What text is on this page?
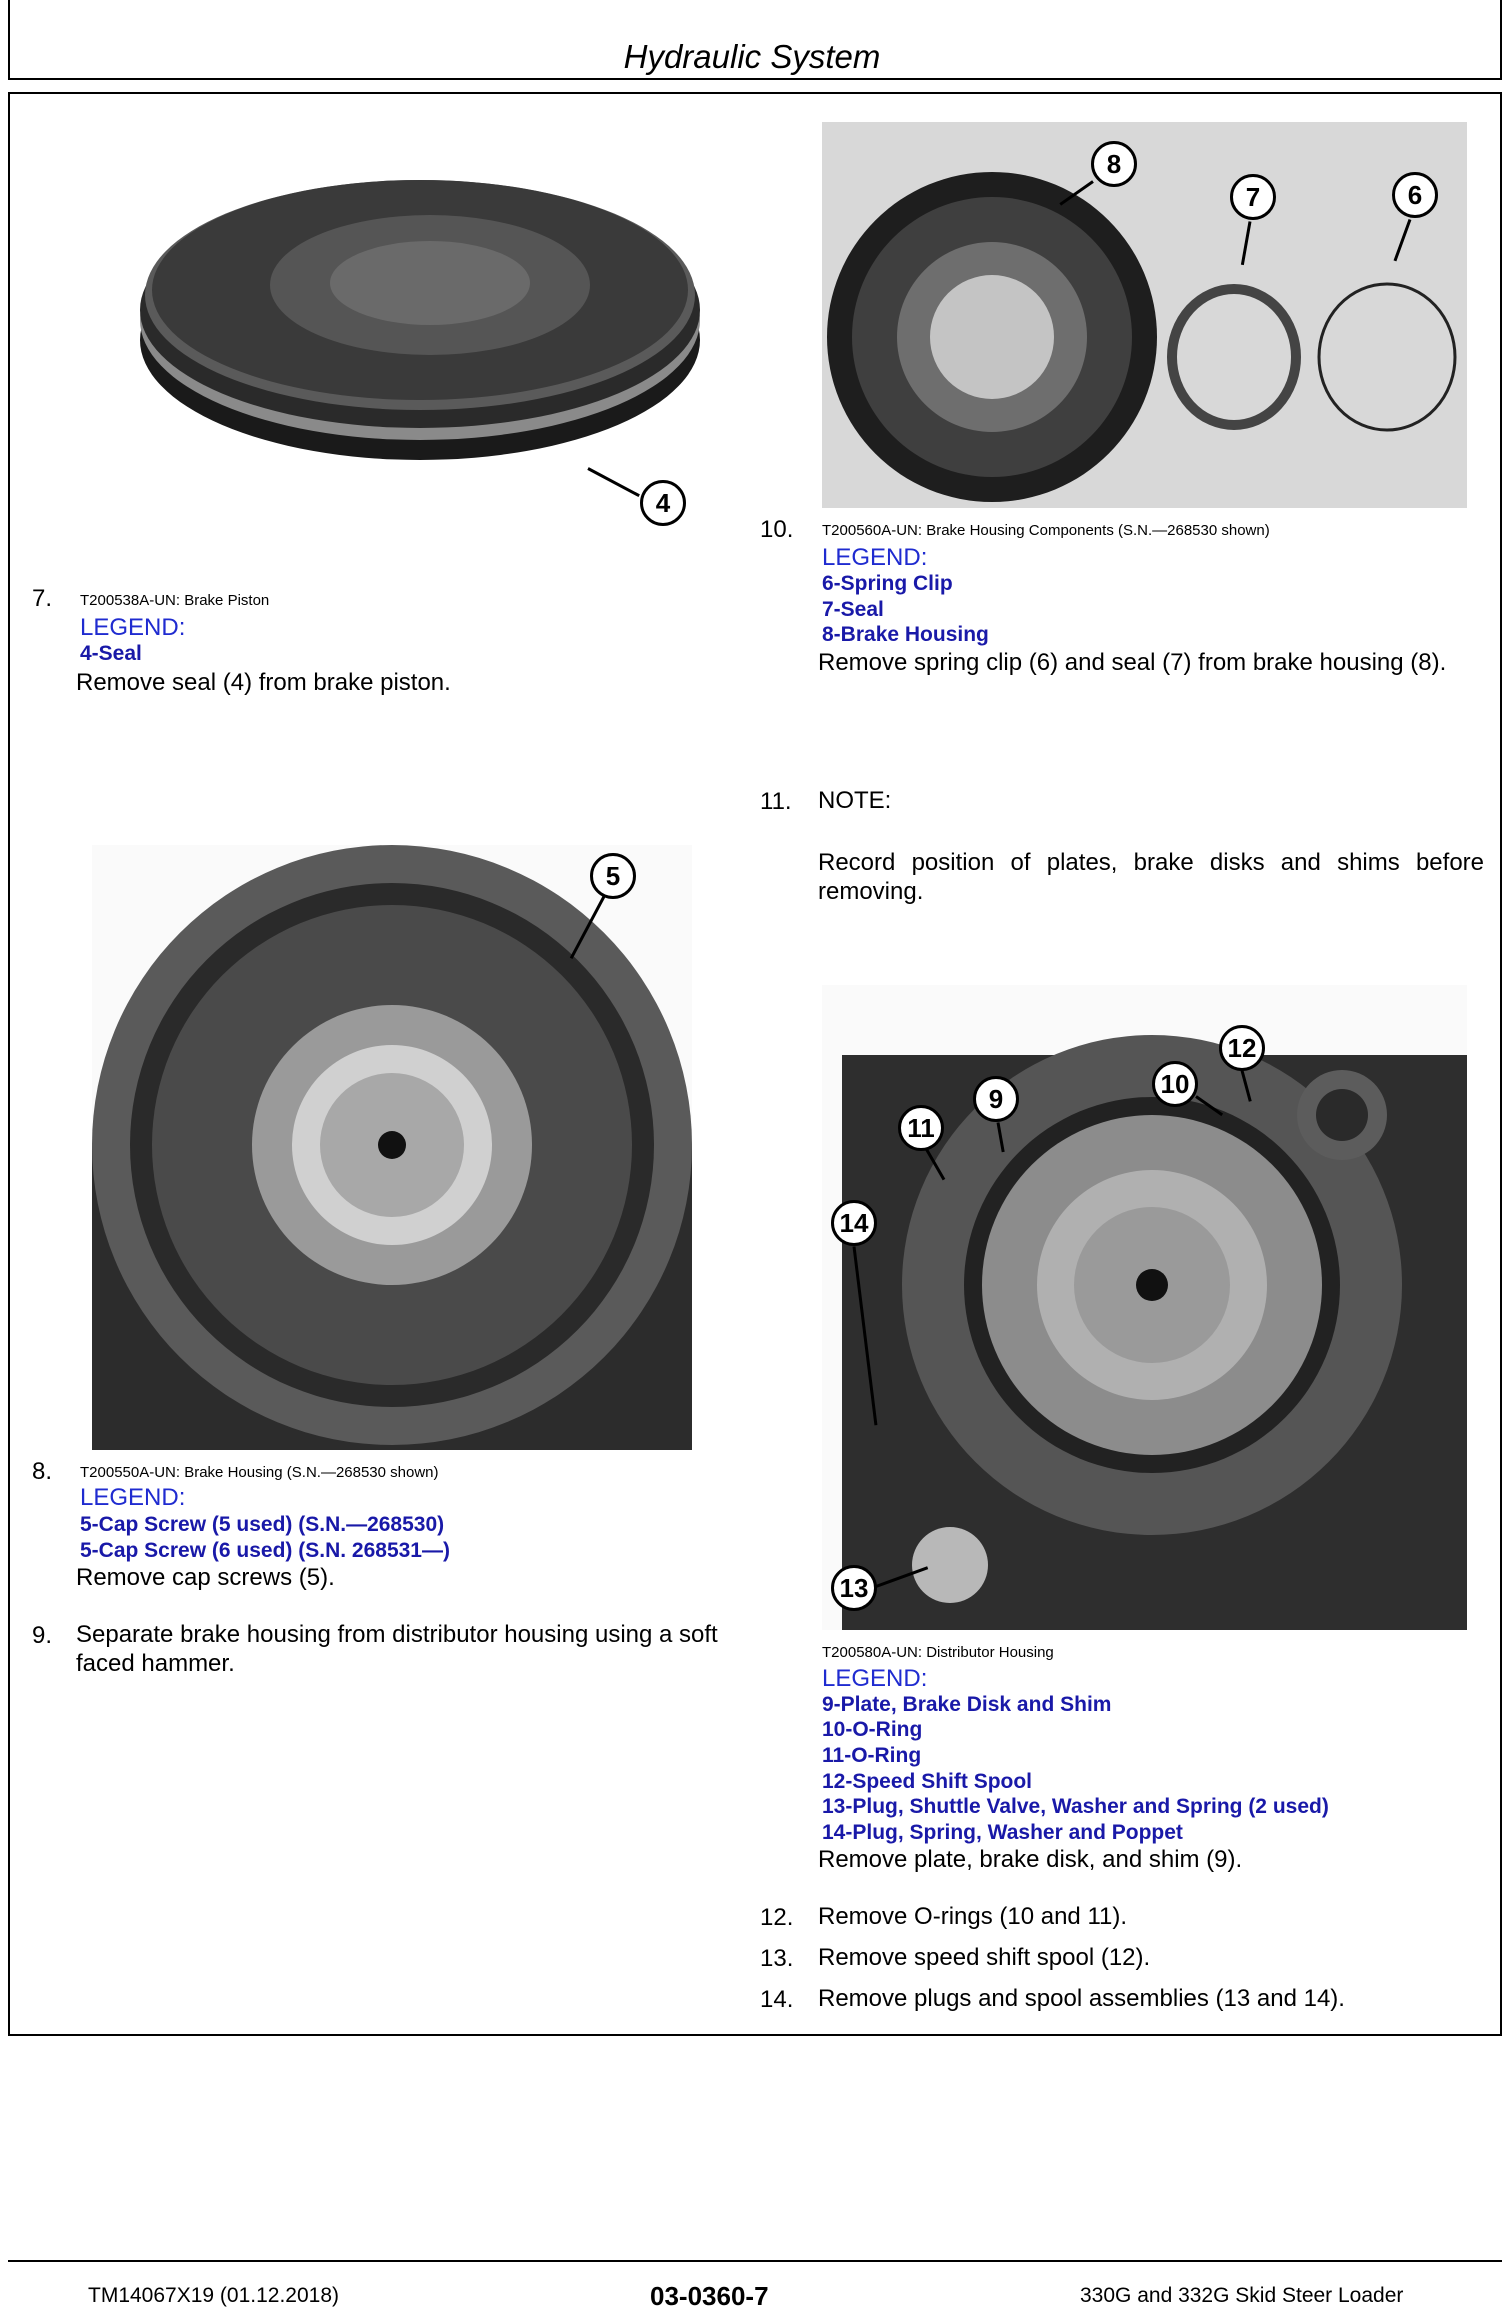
Hydraulic System
4
7. T200538A-UN: Brake Piston
LEGEND:
4-Seal
Remove seal (4) from brake piston.
8
7	6
10. T200560A-UN: Brake Housing Components (S.N.—268530 shown)
LEGEND:
6-Spring Clip
7-Seal
8-Brake Housing
Remove spring clip (6) and seal (7) from brake housing (8).
11. NOTE:
Record position of plates, brake disks and shims before removing.
5
8. T200550A-UN: Brake Housing (S.N.—268530 shown)
LEGEND:
5-Cap Screw (5 used) (S.N.—268530)
5-Cap Screw (6 used) (S.N. 268531—)
Remove cap screws (5).
9. Separate brake housing from distributor housing using a soft faced hammer.
12
10
9
11
14
13
T200580A-UN: Distributor Housing
LEGEND:
9-Plate, Brake Disk and Shim
10-O-Ring
11-O-Ring
12-Speed Shift Spool
13-Plug, Shuttle Valve, Washer and Spring (2 used)
14-Plug, Spring, Washer and Poppet
Remove plate, brake disk, and shim (9).
12. Remove O-rings (10 and 11).
13. Remove speed shift spool (12).
14. Remove plugs and spool assemblies (13 and 14).
TM14067X19 (01.12.2018)	03-0360-7	330G and 332G Skid Steer Loader
